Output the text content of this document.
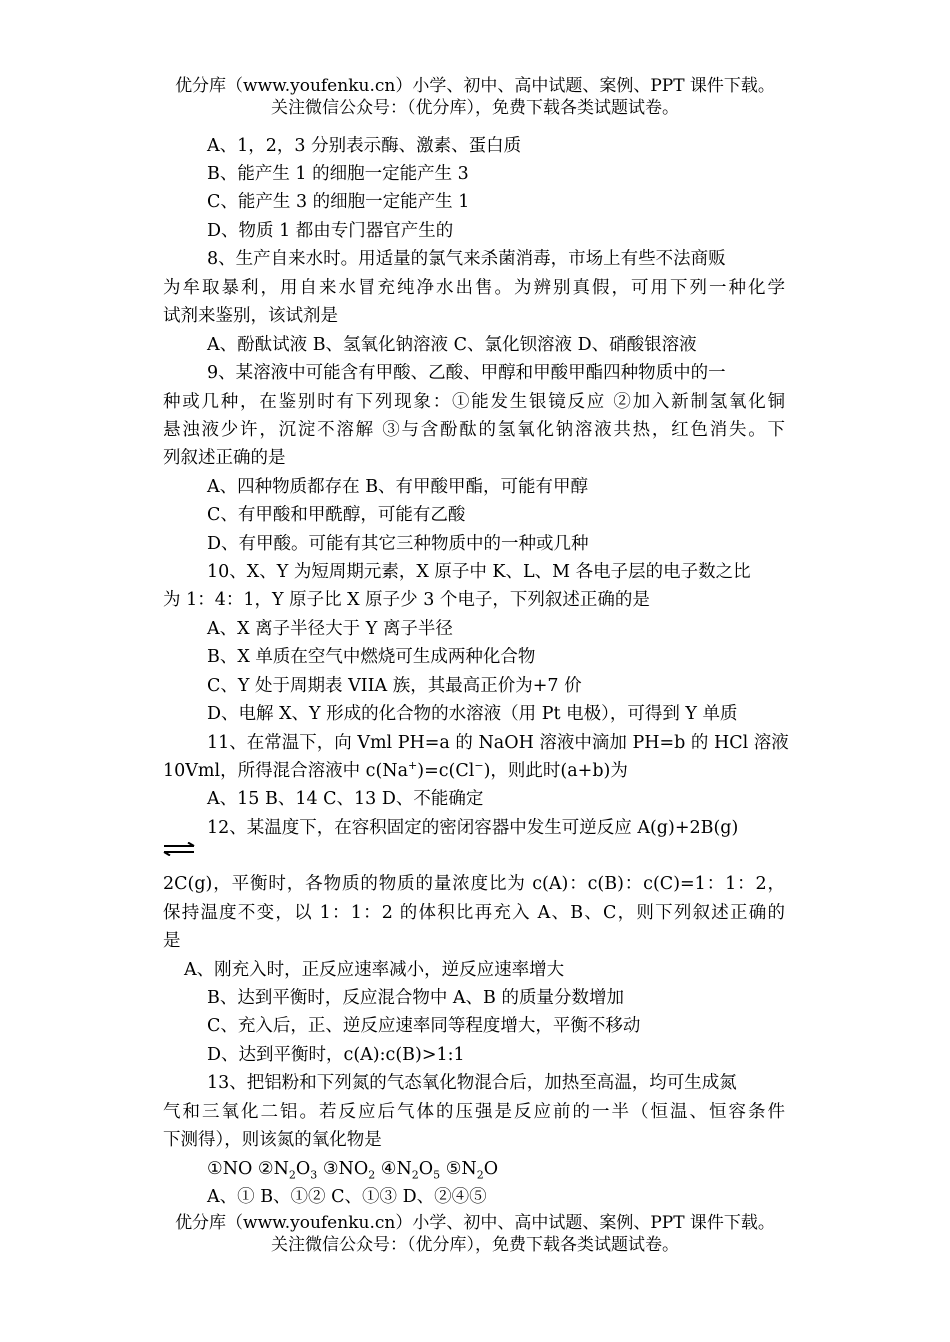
优分库（www.youfenku.cn）小学、初中、高中试题、案例、PPT 课件下载。
关注微信公众号：（优分库），免费下载各类试题试卷。
A、1，2，3 分别表示酶、激素、蛋白质
B、能产生 1 的细胞一定能产生 3
C、能产生 3 的细胞一定能产生 1
D、物质 1 都由专门器官产生的
8、生产自来水时。用适量的氯气来杀菌消毒，市场上有些不法商贩
为牟取暴利，用自来水冒充纯净水出售。为辨别真假，可用下列一种化学
试剂来鉴别，该试剂是
A、酚酞试液 B、氢氧化钠溶液 C、氯化钡溶液 D、硝酸银溶液
9、某溶液中可能含有甲酸、乙酸、甲醇和甲酸甲酯四种物质中的一
种或几种，在鉴别时有下列现象：①能发生银镜反应 ②加入新制氢氧化铜
悬浊液少许，沉淀不溶解 ③与含酚酞的氢氧化钠溶液共热，红色消失。下
列叙述正确的是
A、四种物质都存在 B、有甲酸甲酯，可能有甲醇
C、有甲酸和甲酰醇，可能有乙酸
D、有甲酸。可能有其它三种物质中的一种或几种
10、X、Y 为短周期元素，X 原子中 K、L、M 各电子层的电子数之比
为 1：4：1，Y 原子比 X 原子少 3 个电子，下列叙述正确的是
A、X 离子半径大于 Y 离子半径
B、X 单质在空气中燃烧可生成两种化合物
C、Y 处于周期表 VIIA 族，其最高正价为+7 价
D、电解 X、Y 形成的化合物的水溶液（用 Pt 电极），可得到 Y 单质
11、在常温下，向 Vml PH=a 的 NaOH 溶液中滴加 PH=b 的 HCl 溶液
10Vml，所得混合溶液中 c(Na+)=c(Cl−)，则此时(a+b)为
A、15 B、14 C、13 D、不能确定
12、某温度下，在容积固定的密闭容器中发生可逆反应 A(g)+2B(g)
2C(g)，平衡时，各物质的物质的量浓度比为 c(A)：c(B)：c(C)=1：1：2，
保持温度不变，以 1：1：2 的体积比再充入 A、B、C，则下列叙述正确的
是
A、刚充入时，正反应速率减小，逆反应速率增大
B、达到平衡时，反应混合物中 A、B 的质量分数增加
C、充入后，正、逆反应速率同等程度增大，平衡不移动
D、达到平衡时，c(A):c(B)>1:1
13、把铝粉和下列氮的气态氧化物混合后，加热至高温，均可生成氮
气和三氧化二铝。若反应后气体的压强是反应前的一半（恒温、恒容条件
下测得），则该氮的氧化物是
①NO $②N_2O_3$ $③NO_2$ $④N_2O_5$ $⑤N_2O$
A、① B、①② C、①③ D、②④⑤
优分库（www.youfenku.cn）小学、初中、高中试题、案例、PPT 课件下载。
关注微信公众号：（优分库），免费下载各类试题试卷。
